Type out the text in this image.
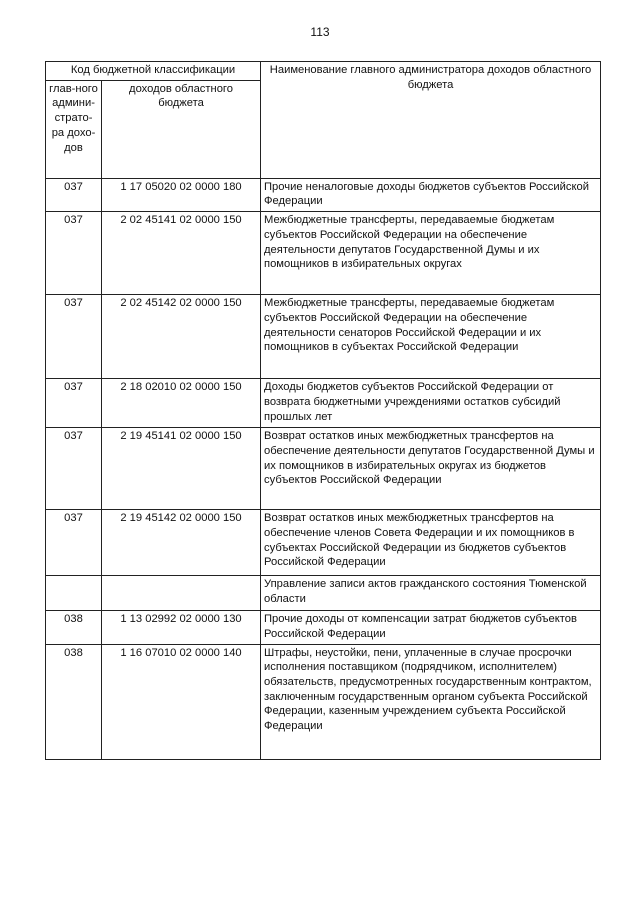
113
Код бюджетной классификации		Наименование главного администратора доходов областного бюджета
глав-ного админи-страто-ра дохо-дов	доходов областного бюджета	
037	1 17 05020 02 0000 180	Прочие неналоговые доходы бюджетов субъектов Российской Федерации
037	2 02 45141 02 0000 150	Межбюджетные трансферты, передаваемые бюджетам субъектов Российской Федерации на обеспечение деятельности депутатов Государственной Думы и их помощников в избирательных округах
037	2 02 45142 02 0000 150	Межбюджетные трансферты, передаваемые бюджетам субъектов Российской Федерации на обеспечение деятельности сенаторов Российской Федерации и их помощников в субъектах Российской Федерации
037	2 18 02010 02 0000 150	Доходы бюджетов субъектов Российской Федерации от возврата бюджетными учреждениями остатков субсидий прошлых лет
037	2 19 45141 02 0000 150	Возврат остатков иных межбюджетных трансфертов на обеспечение деятельности депутатов Государственной Думы и их помощников в избирательных округах из бюджетов субъектов Российской Федерации
037	2 19 45142 02 0000 150	Возврат остатков иных межбюджетных трансфертов на обеспечение членов Совета Федерации и их помощников в субъектах Российской Федерации из бюджетов субъектов Российской Федерации
		Управление записи актов гражданского состояния Тюменской области
038	1 13 02992 02 0000 130	Прочие доходы от компенсации затрат бюджетов субъектов Российской Федерации
038	1 16 07010 02 0000 140	Штрафы, неустойки, пени, уплаченные в случае просрочки исполнения поставщиком (подрядчиком, исполнителем) обязательств, предусмотренных государственным контрактом, заключенным государственным органом субъекта Российской Федерации, казенным учреждением субъекта Российской Федерации
